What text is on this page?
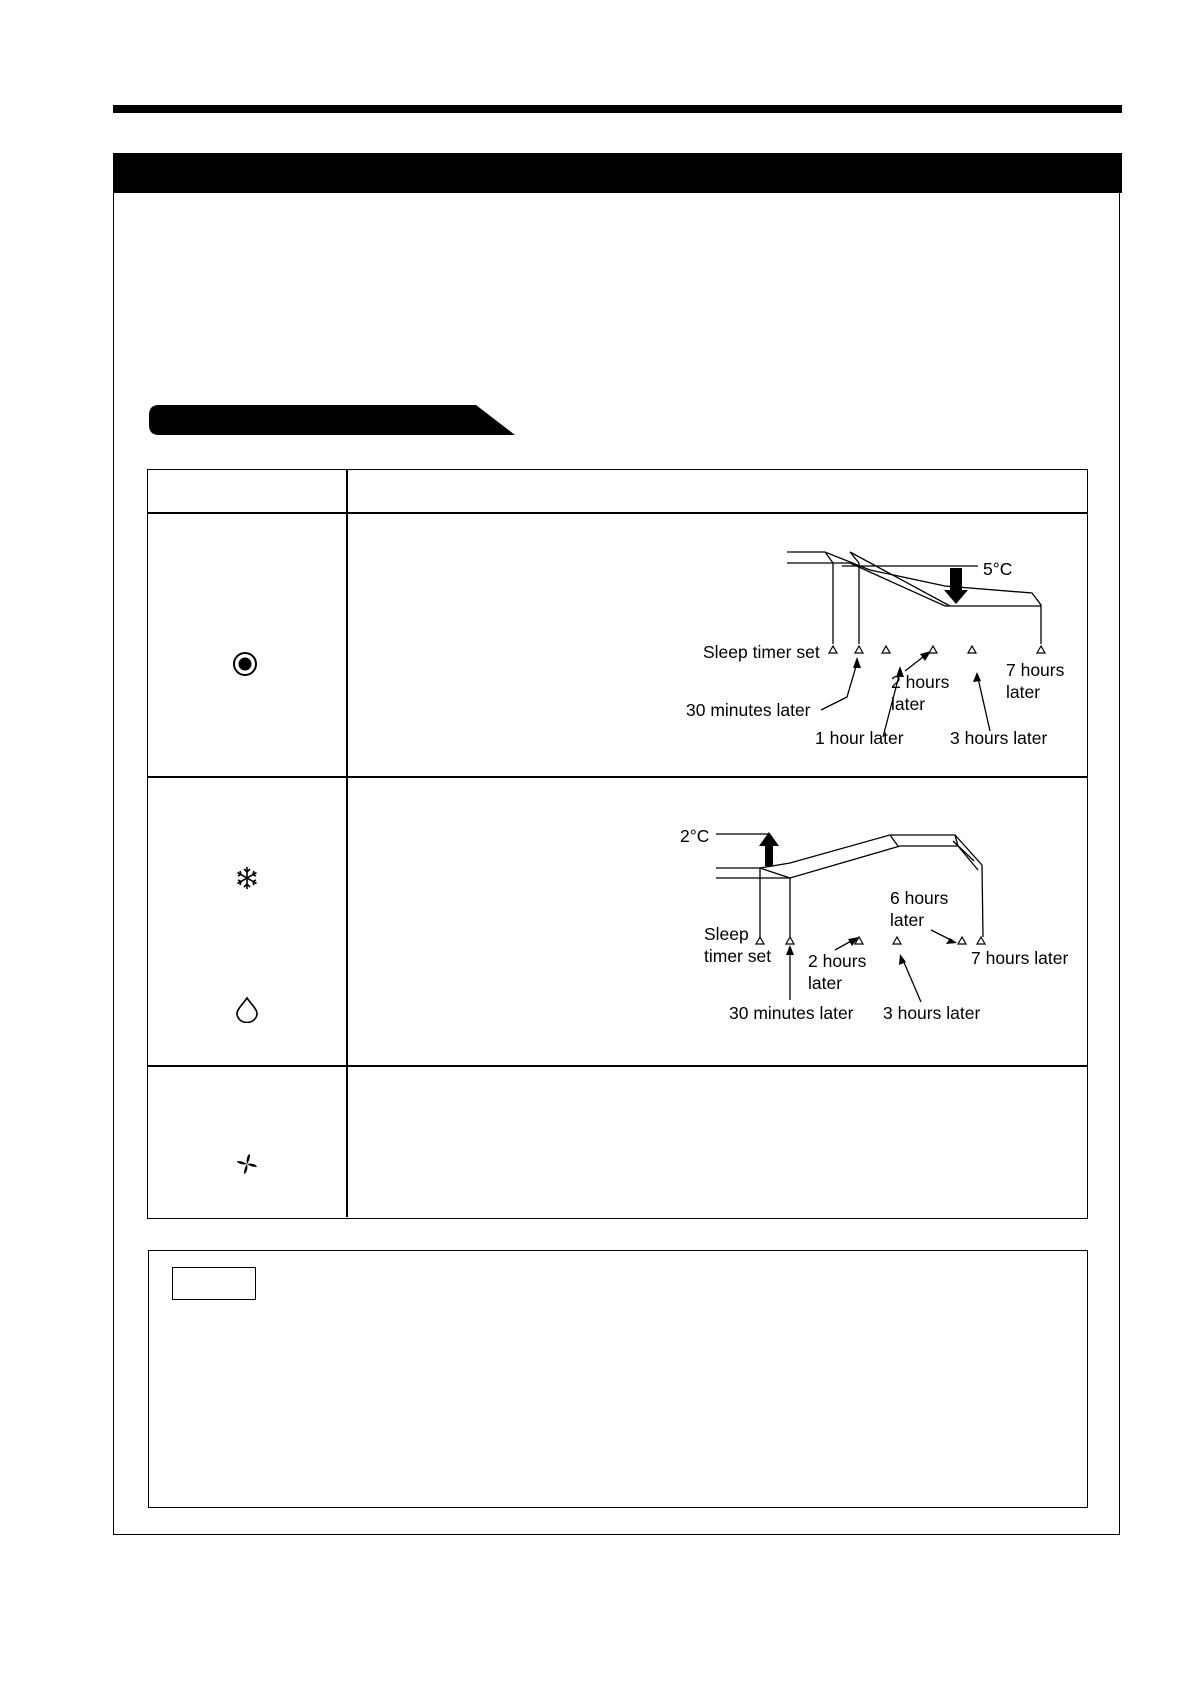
5°C
Sleep timer set
30 minutes later
1 hour later
2 hours
later
3 hours later
7 hours
later
2°C
Sleep
timer set 2 hours
later
6 hours
later
7 hours later
30 minutes later 3 hours later
